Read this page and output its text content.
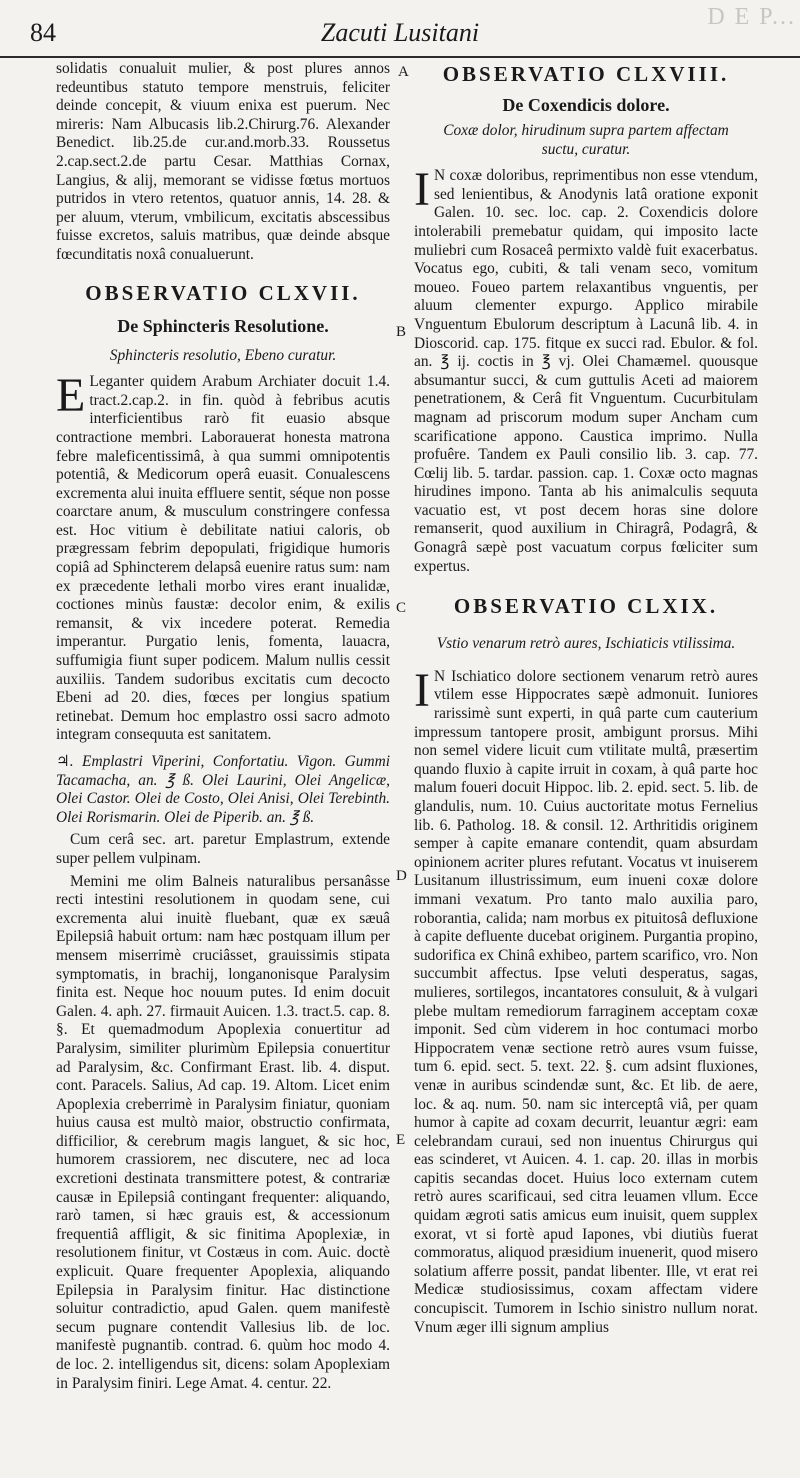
84	Zacuti Lusitani
D E P...
A
B
C
D
E

solidatis conualuit mulier, & post plures annos redeuntibus statuto tempore menstruis, feliciter deinde concepit, & viuum enixa est puerum. Nec mireris: Nam Albucasis lib.2.Chirurg.76. Alexander Benedict. lib.25.de cur.and.morb.33. Roussetus 2.cap.sect.2.de partu Cesar. Matthias Cornax, Langius, & alij, memorant se vidisse fœtus mortuos putridos in vtero retentos, quatuor annis, 14. 28. & per aluum, vterum, vmbilicum, excitatis abscessibus fuisse excretos, saluis matribus, quæ deinde absque fœcunditatis noxâ conualuerunt.

OBSERVATIO CLXVII.
De Sphincteris Resolutione.

Sphincteris resolutio, Ebeno curatur.

E Leganter quidem Arabum Archiater docuit 1.4. tract.2.cap.2. in fin. quòd à febribus acutis interficientibus rarò fit euasio absque contractione membri. Laborauerat honesta matrona febre maleficentissimâ, à qua summi omnipotentis potentiâ, & Medicorum operâ euasit. Conualescens excrementa alui inuita effluere sentit, séque non posse coarctare anum, & musculum constringere confessa est. Hoc vitium è debilitate natiui caloris, ob prægressam febrim depopulati, frigidique humoris copiâ ad Sphincterem delapsâ euenire ratus sum: nam ex præcedente lethali morbo vires erant inualidæ, coctiones minùs faustæ: decolor enim, & exilis remansit, & vix incedere poterat. Remedia imperantur. Purgatio lenis, fomenta, lauacra, suffumigia fiunt super podicem. Malum nullis cessit auxiliis. Tandem sudoribus excitatis cum decocto Ebeni ad 20. dies, fœces per longius spatium retinebat. Demum hoc emplastro ossi sacro admoto integram consequuta est sanitatem.

♃. Emplastri Viperini, Confortatiu. Vigon. Gummi Tacamacha, an. ℥ ß. Olei Laurini, Olei Angelicæ, Olei Castor. Olei de Costo, Olei Anisi, Olei Terebinth. Olei Rorismarin. Olei de Piperib. an. ℥ ß.

Cum cerâ sec. art. paretur Emplastrum, extende super pellem vulpinam.

Memini me olim Balneis naturalibus persanâsse recti intestini resolutionem in quodam sene, cui excrementa alui inuitè fluebant, quæ ex sæuâ Epilepsiâ habuit ortum: nam hæc postquam illum per mensem miserrimè cruciâsset, grauissimis stipata symptomatis, in brachij, longanonisque Paralysim finita est. Neque hoc nouum putes. Id enim docuit Galen. 4. aph. 27. firmauit Auicen. 1.3. tract.5. cap. 8. §. Et quemadmodum Apoplexia conuertitur ad Paralysim, similiter plurimùm Epilepsia conuertitur ad Paralysim, &c. Confirmant Erast. lib. 4. disput. cont. Paracels. Salius, Ad cap. 19. Altom. Licet enim Apoplexia creberrimè in Paralysim finiatur, quoniam huius causa est multò maior, obstructio confirmata, difficilior, & cerebrum magis languet, & sic hoc, humorem crassiorem, nec discutere, nec ad loca excretioni destinata transmittere potest, & contrariæ causæ in Epilepsiâ contingant frequenter: aliquando, rarò tamen, si hæc grauis est, & accessionum frequentiâ affligit, & sic finitima Apoplexiæ, in resolutionem finitur, vt Costæus in com. Auic. doctè explicuit. Quare frequenter Apoplexia, aliquando Epilepsia in Paralysim finitur. Hac distinctione soluitur contradictio, apud Galen. quem manifestè secum pugnare contendit Vallesius lib. de loc. manifestè pugnantib. contrad. 6. quùm hoc modo 4. de loc. 2. intelligendus sit, dicens: solam Apoplexiam in Paralysim finiri. Lege Amat. 4. centur. 22.

OBSERVATIO CLXVIII.
De Coxendicis dolore.

Coxæ dolor, hirudinum supra partem affectam suctu, curatur.

I N coxæ doloribus, reprimentibus non esse vtendum, sed lenientibus, & Anodynis latâ oratione exponit Galen. 10. sec. loc. cap. 2. Coxendicis dolore intolerabili premebatur quidam, qui imposito lacte muliebri cum Rosaceâ permixto valdè fuit exacerbatus. Vocatus ego, cubiti, & tali venam seco, vomitum moueo. Foueo partem relaxantibus vnguentis, per aluum clementer expurgo. Applico mirabile Vnguentum Ebulorum descriptum à Lacunâ lib. 4. in Dioscorid. cap. 175. fitque ex succi rad. Ebulor. & fol. an. ℥ ij. coctis in ℥ vj. Olei Chamæmel. quousque absumantur succi, & cum guttulis Aceti ad maiorem penetrationem, & Cerâ fit Vnguentum. Cucurbitulam magnam ad priscorum modum super Ancham cum scarificatione appono. Caustica imprimo. Nulla profuêre. Tandem ex Pauli consilio lib. 3. cap. 77. Cœlij lib. 5. tardar. passion. cap. 1. Coxæ octo magnas hirudines impono. Tanta ab his animalculis sequuta vacuatio est, vt post decem horas sine dolore remanserit, quod auxilium in Chiragrâ, Podagrâ, & Gonagrâ sæpè post vacuatum corpus fœliciter sum expertus.

OBSERVATIO CLXIX.

Vstio venarum retrò aures, Ischiaticis vtilissima.

I N Ischiatico dolore sectionem venarum retrò aures vtilem esse Hippocrates sæpè admonuit. Iuniores rarissimè sunt experti, in quâ parte cum cauterium impressum tantopere prosit, ambigunt prorsus. Mihi non semel videre licuit cum vtilitate multâ, præsertim quando fluxio à capite irruit in coxam, à quâ parte hoc malum foueri docuit Hippoc. lib. 2. epid. sect. 5. lib. de glandulis, num. 10. Cuius auctoritate motus Fernelius lib. 6. Patholog. 18. & consil. 12. Arthritidis originem semper à capite emanare contendit, quam absurdam opinionem acriter plures refutant. Vocatus vt inuiserem Lusitanum illustrissimum, eum inueni coxæ dolore immani vexatum. Pro tanto malo auxilia paro, roborantia, calida; nam morbus ex pituitosâ defluxione à capite defluente ducebat originem. Purgantia propino, sudorifica ex Chinâ exhibeo, partem scarifico, vro. Non succumbit affectus. Ipse veluti desperatus, sagas, mulieres, sortilegos, incantatores consuluit, & à vulgari plebe multam remediorum farraginem acceptam coxæ imponit. Sed cùm viderem in hoc contumaci morbo Hippocratem venæ sectione retrò aures vsum fuisse, tum 6. epid. sect. 5. text. 22. §. cum adsint fluxiones, venæ in auribus scindendæ sunt, &c. Et lib. de aere, loc. & aq. num. 50. nam sic interceptâ viâ, per quam humor à capite ad coxam decurrit, leuantur ægri: eam celebrandam curaui, sed non inuentus Chirurgus qui eas scinderet, vt Auicen. 4. 1. cap. 20. illas in morbis capitis secandas docet. Huius loco externam cutem retrò aures scarificaui, sed citra leuamen vllum. Ecce quidam ægroti satis amicus eum inuisit, quem supplex exorat, vt si fortè apud Iapones, vbi diutiùs fuerat commoratus, aliquod præsidium inuenerit, quod misero solatium afferre possit, pandat libenter. Ille, vt erat rei Medicæ studiosissimus, coxam affectam videre concupiscit. Tumorem in Ischio sinistro nullum norat. Vnum æger illi signum amplius
